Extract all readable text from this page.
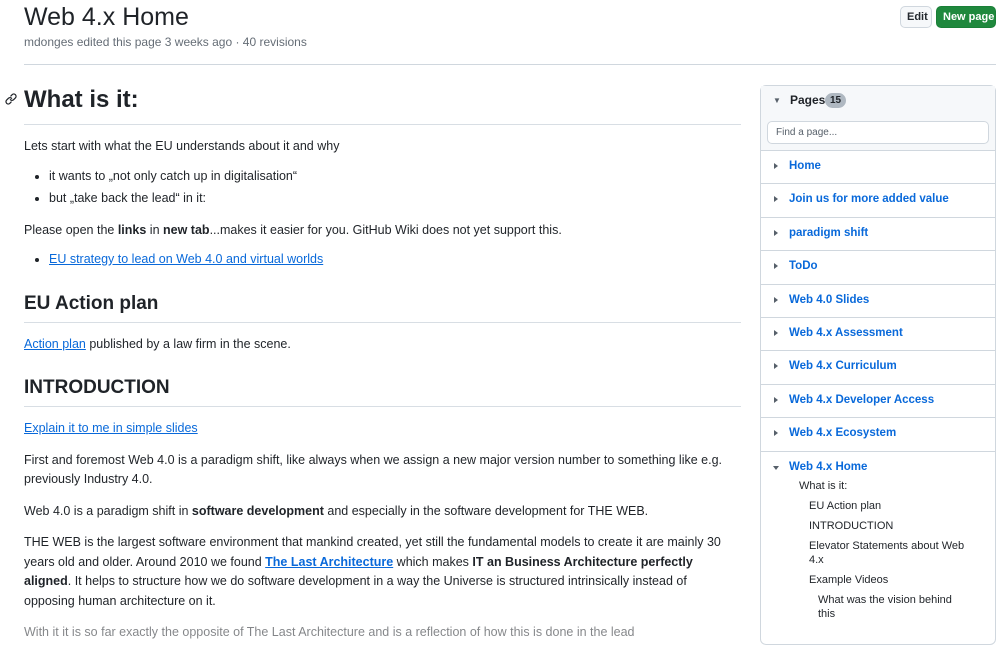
Web 4.x Home
mdonges edited this page 3 weeks ago · 40 revisions
Edit	New page
What is it:

Lets start with what the EU understands about it and why

• it wants to „not only catch up in digitalisation“
• but „take back the lead“ in it:

Please open the links in new tab...makes it easier for you. GitHub Wiki does not yet support this.

• EU strategy to lead on Web 4.0 and virtual worlds
EU Action plan

Action plan published by a law firm in the scene.

INTRODUCTION

Explain it to me in simple slides

First and foremost Web 4.0 is a paradigm shift, like always when we assign a new major version number to something like e.g. previously Industry 4.0.

Web 4.0 is a paradigm shift in software development and especially in the software development for THE WEB.

THE WEB is the largest software environment that mankind created, yet still the fundamental models to create it are mainly 30 years old and older. Around 2010 we found The Last Architecture which makes IT an Business Architecture perfectly aligned. It helps to structure how we do software development in a way the Universe is structured intrinsically instead of opposing human architecture on it.

With it it is so far exactly the opposite of The Last Architecture and is a reflection of how this is done in the lead

▼ Pages 15
Find a page...
Home
Join us for more added value
paradigm shift
ToDo
Web 4.0 Slides
Web 4.x Assessment
Web 4.x Curriculum
Web 4.x Developer Access
Web 4.x Ecosystem
Web 4.x Home
What is it:
EU Action plan
INTRODUCTION
Elevator Statements about Web 4.x
Example Videos
What was the vision behind this
